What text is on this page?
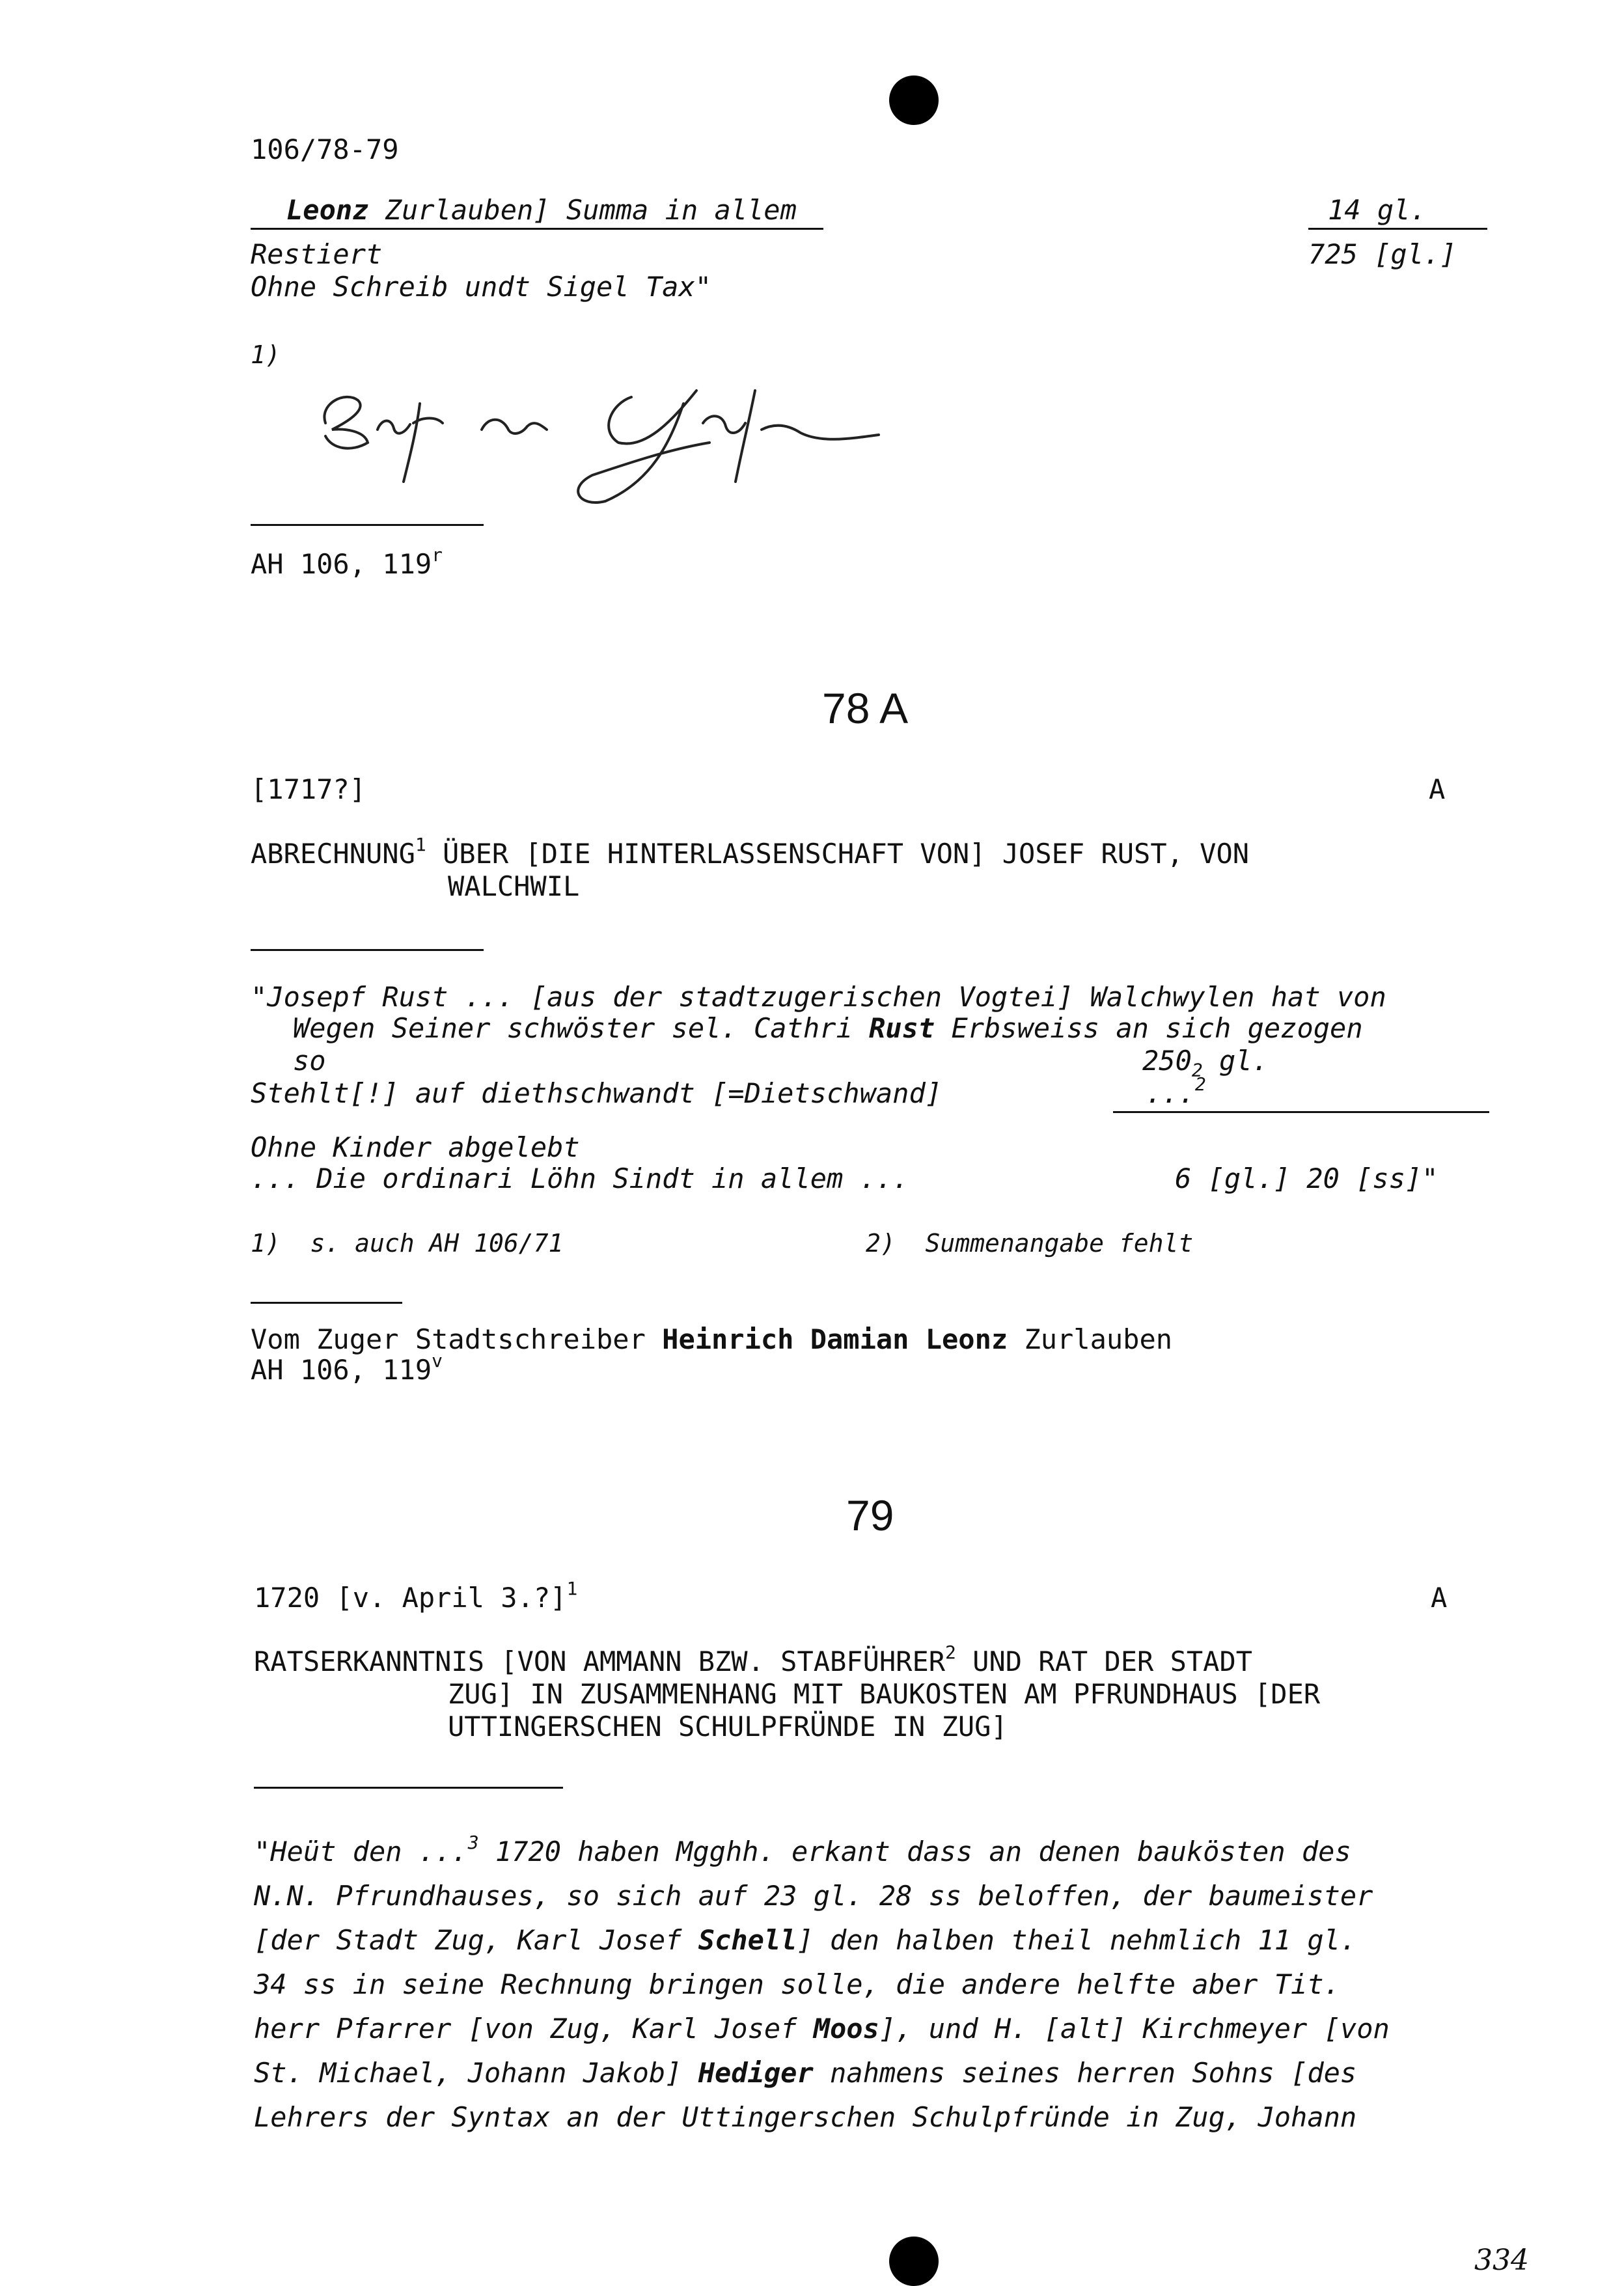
106/78-79
Leonz Zurlauben] Summa in allem	14 gl.
Restiert	725 [gl.]
Ohne Schreib undt Sigel Tax"
1)
AH 106, 119$^r$
78 A
[1717?]	A
ABRECHNUNG$^1$ ÜBER [DIE HINTERLASSENSCHAFT VON] JOSEF RUST, VON
WALCHWIL
"Josepf Rust ... [aus der stadtzugerischen Vogtei] Walchwylen hat von
Wegen Seiner schwöster sel. Cathri Rust Erbsweiss an sich gezogen
so	$250_2$ gl.
Stehlt[!] auf diethschwandt [=Dietschwand]	...$^2$
Ohne Kinder abgelebt
... Die ordinari Löhn Sindt in allem ...	6 [gl.] 20 [ss]"
1)  s. auch AH 106/71	2)  Summenangabe fehlt
Vom Zuger Stadtschreiber Heinrich Damian Leonz Zurlauben
AH 106, 119$^v$
79
1720 [v. April 3.?]$^1$	A
RATSERKANNTNIS [VON AMMANN BZW. STABFÜHRER$^2$ UND RAT DER STADT
ZUG] IN ZUSAMMENHANG MIT BAUKOSTEN AM PFRUNDHAUS [DER
UTTINGERSCHEN SCHULPFRÜNDE IN ZUG]
"Heüt den ...$^3$ 1720 haben Mgghh. erkant dass an denen baukösten des
N.N. Pfrundhauses, so sich auf 23 gl. 28 ss beloffen, der baumeister
[der Stadt Zug, Karl Josef Schell] den halben theil nehmlich 11 gl.
34 ss in seine Rechnung bringen solle, die andere helfte aber Tit.
herr Pfarrer [von Zug, Karl Josef Moos], und H. [alt] Kirchmeyer [von
St. Michael, Johann Jakob] Hediger nahmens seines herren Sohns [des
Lehrers der Syntax an der Uttingerschen Schulpfründe in Zug, Johann
334
